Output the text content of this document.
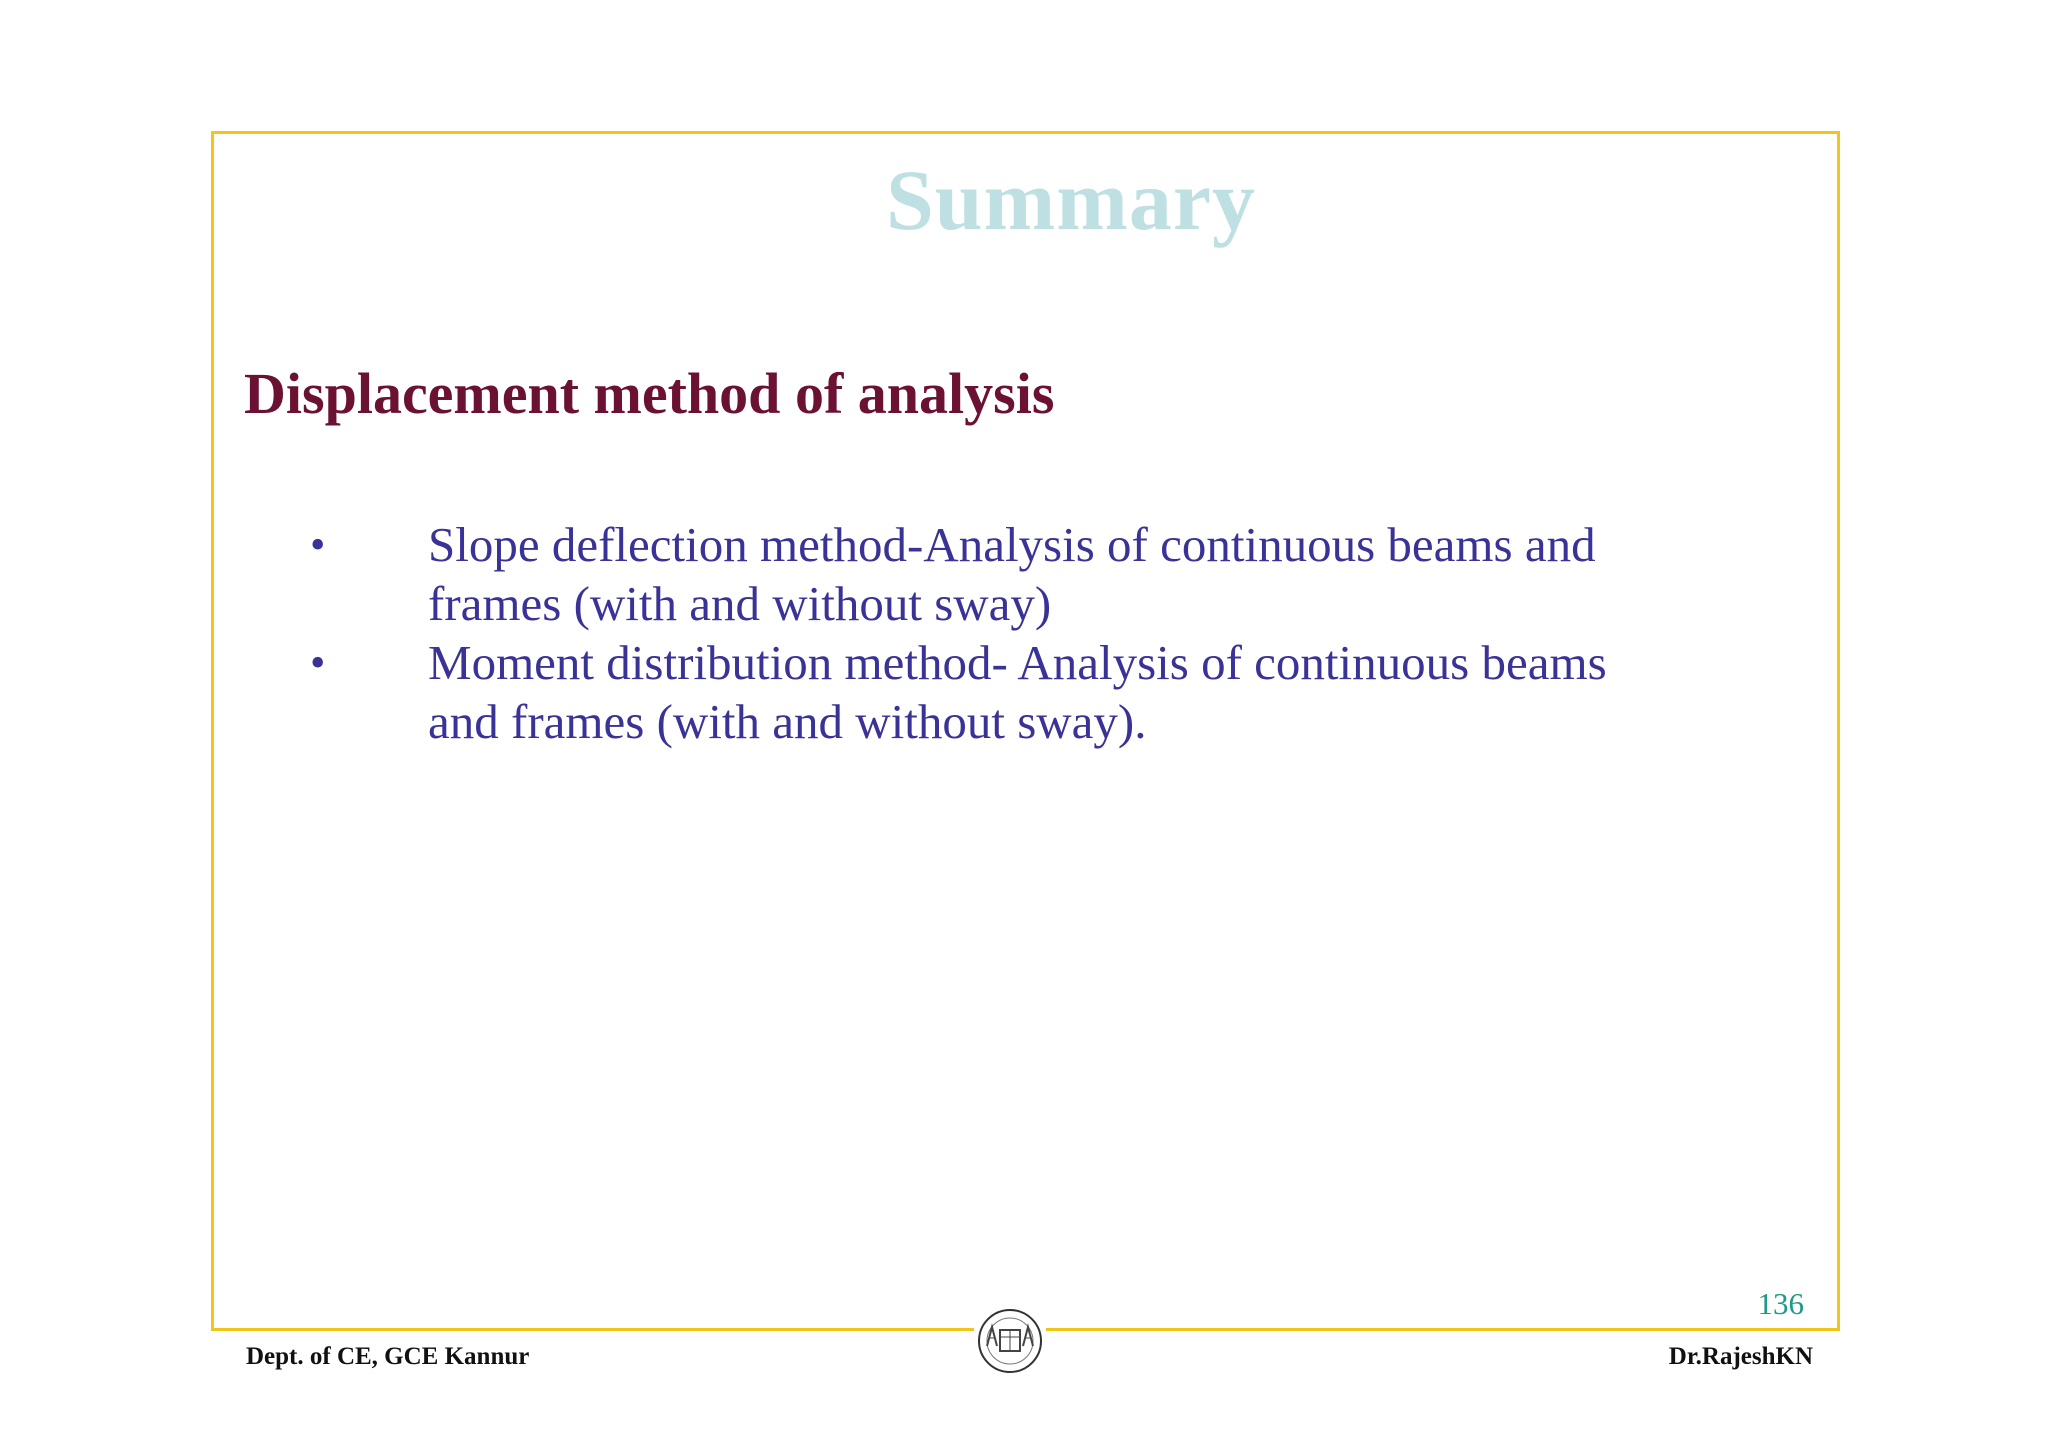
Summary
Displacement method of analysis
• Slope deflection method-Analysis of continuous beams and
frames (with and without sway)
• Moment distribution method- Analysis of continuous beams
and frames (with and without sway).
136
Dept. of CE, GCE Kannur	Dr.RajeshKN
